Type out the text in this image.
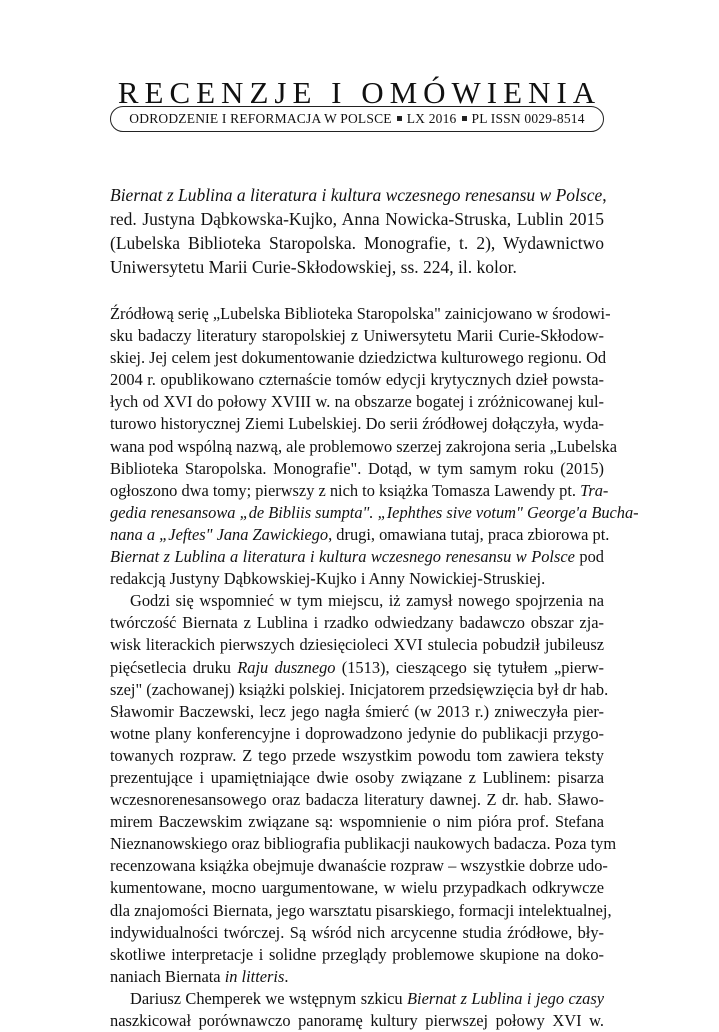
RECENZJE I OMÓWIENIA
ODRODZENIE I REFORMACJA W POLSCE LX 2016 PL ISSN 0029-8514
Biernat z Lublina a literatura i kultura wczesnego renesansu w Polsce,
red. Justyna Dąbkowska-Kujko, Anna Nowicka-Struska, Lublin 2015
(Lubelska Biblioteka Staropolska. Monografie, t. 2), Wydawnictwo
Uniwersytetu Marii Curie-Skłodowskiej, ss. 224, il. kolor.
Źródłową serię „Lubelska Biblioteka Staropolska" zainicjowano w środowi-
sku badaczy literatury staropolskiej z Uniwersytetu Marii Curie-Skłodow-
skiej. Jej celem jest dokumentowanie dziedzictwa kulturowego regionu. Od
2004 r. opublikowano czternaście tomów edycji krytycznych dzieł powsta-
łych od XVI do połowy XVIII w. na obszarze bogatej i zróżnicowanej kul-
turowo historycznej Ziemi Lubelskiej. Do serii źródłowej dołączyła, wyda-
wana pod wspólną nazwą, ale problemowo szerzej zakrojona seria „Lubelska
Biblioteka Staropolska. Monografie". Dotąd, w tym samym roku (2015)
ogłoszono dwa tomy; pierwszy z nich to książka Tomasza Lawendy pt. Tra-
gedia renesansowa „de Bibliis sumpta". „Iephthes sive votum" George'a Bucha-
nana a „Jeftes" Jana Zawickiego, drugi, omawiana tutaj, praca zbiorowa pt.
Biernat z Lublina a literatura i kultura wczesnego renesansu w Polsce pod
redakcją Justyny Dąbkowskiej-Kujko i Anny Nowickiej-Struskiej.
Godzi się wspomnieć w tym miejscu, iż zamysł nowego spojrzenia na
twórczość Biernata z Lublina i rzadko odwiedzany badawczo obszar zja-
wisk literackich pierwszych dziesięcioleci XVI stulecia pobudził jubileusz
pięćsetlecia druku Raju dusznego (1513), cieszącego się tytułem „pierw-
szej" (zachowanej) książki polskiej. Inicjatorem przedsięwzięcia był dr hab.
Sławomir Baczewski, lecz jego nagła śmierć (w 2013 r.) zniweczyła pier-
wotne plany konferencyjne i doprowadzono jedynie do publikacji przygo-
towanych rozpraw. Z tego przede wszystkim powodu tom zawiera teksty
prezentujące i upamiętniające dwie osoby związane z Lublinem: pisarza
wczesnorenesansowego oraz badacza literatury dawnej. Z dr. hab. Sławo-
mirem Baczewskim związane są: wspomnienie o nim pióra prof. Stefana
Nieznanowskiego oraz bibliografia publikacji naukowych badacza. Poza tym
recenzowana książka obejmuje dwanaście rozpraw – wszystkie dobrze udo-
kumentowane, mocno uargumentowane, w wielu przypadkach odkrywcze
dla znajomości Biernata, jego warsztatu pisarskiego, formacji intelektualnej,
indywidualności twórczej. Są wśród nich arcycenne studia źródłowe, bły-
skotliwe interpretacje i solidne przeglądy problemowe skupione na doko-
naniach Biernata in litteris.
Dariusz Chemperek we wstępnym szkicu Biernat z Lublina i jego czasy
naszkicował porównawczo panoramę kultury pierwszej połowy XVI w.
